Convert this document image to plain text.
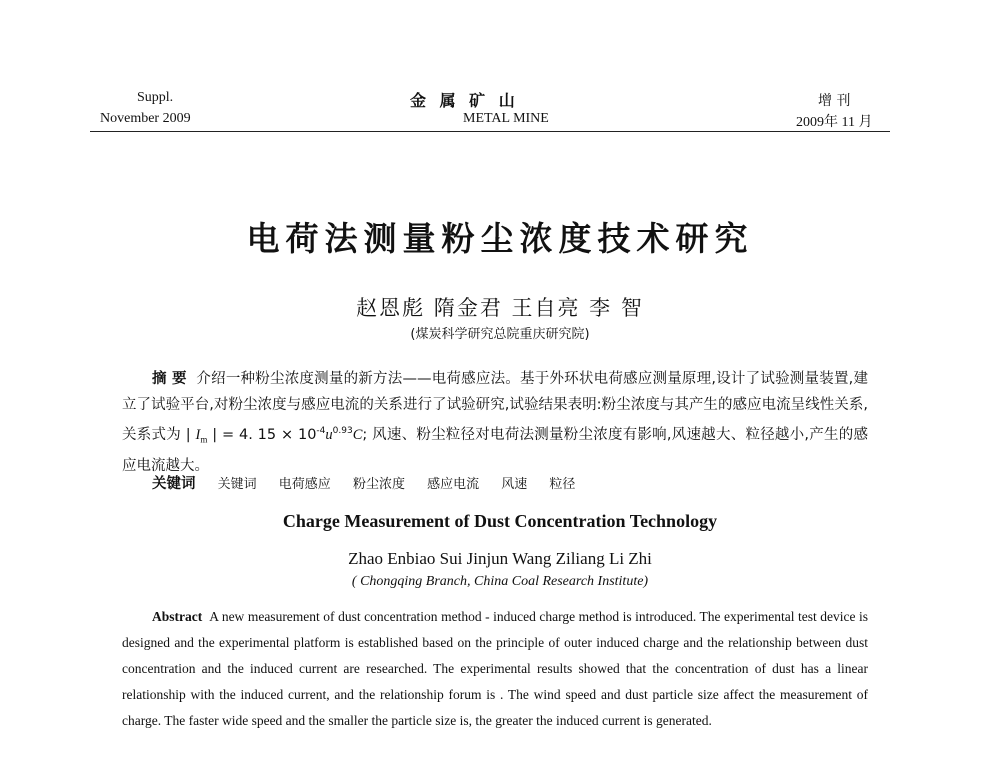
Suppl.
November 2009
金 属 矿 山
METAL MINE
增 刊
2009年 11 月
电荷法测量粉尘浓度技术研究
赵恩彪 隋金君 王自亮 李 智
(煤炭科学研究总院重庆研究院)
摘 要 介绍一种粉尘浓度测量的新方法——电荷感应法。基于外环状电荷感应测量原理,设计了试验测量装置,建立了试验平台,对粉尘浓度与感应电流的关系进行了试验研究,试验结果表明:粉尘浓度与其产生的感应电流呈线性关系,关系式为 | $I_m$ | = 4. $15 \times 10^{-4}u^{0.93}C$; 风速、粉尘粒径对电荷法测量粉尘浓度有影响,风速越大、粒径越小,产生的感应电流越大。
关键词 关键词 电荷感应 粉尘浓度 感应电流 风速 粒径
Charge Measurement of Dust Concentration Technology
Zhao Enbiao Sui Jinjun Wang Ziliang Li Zhi
( Chongqing Branch, China Coal Research Institute)
Abstract A new measurement of dust concentration method - induced charge method is introduced. The experimental test device is designed and the experimental platform is established based on the principle of outer induced charge and the relationship between dust concentration and the induced current are researched. The experimental results showed that the concentration of dust has a linear relationship with the induced current, and the relationship forum is . The wind speed and dust particle size affect the measurement of charge. The faster wide speed and the smaller the particle size is, the greater the induced current is generated.
